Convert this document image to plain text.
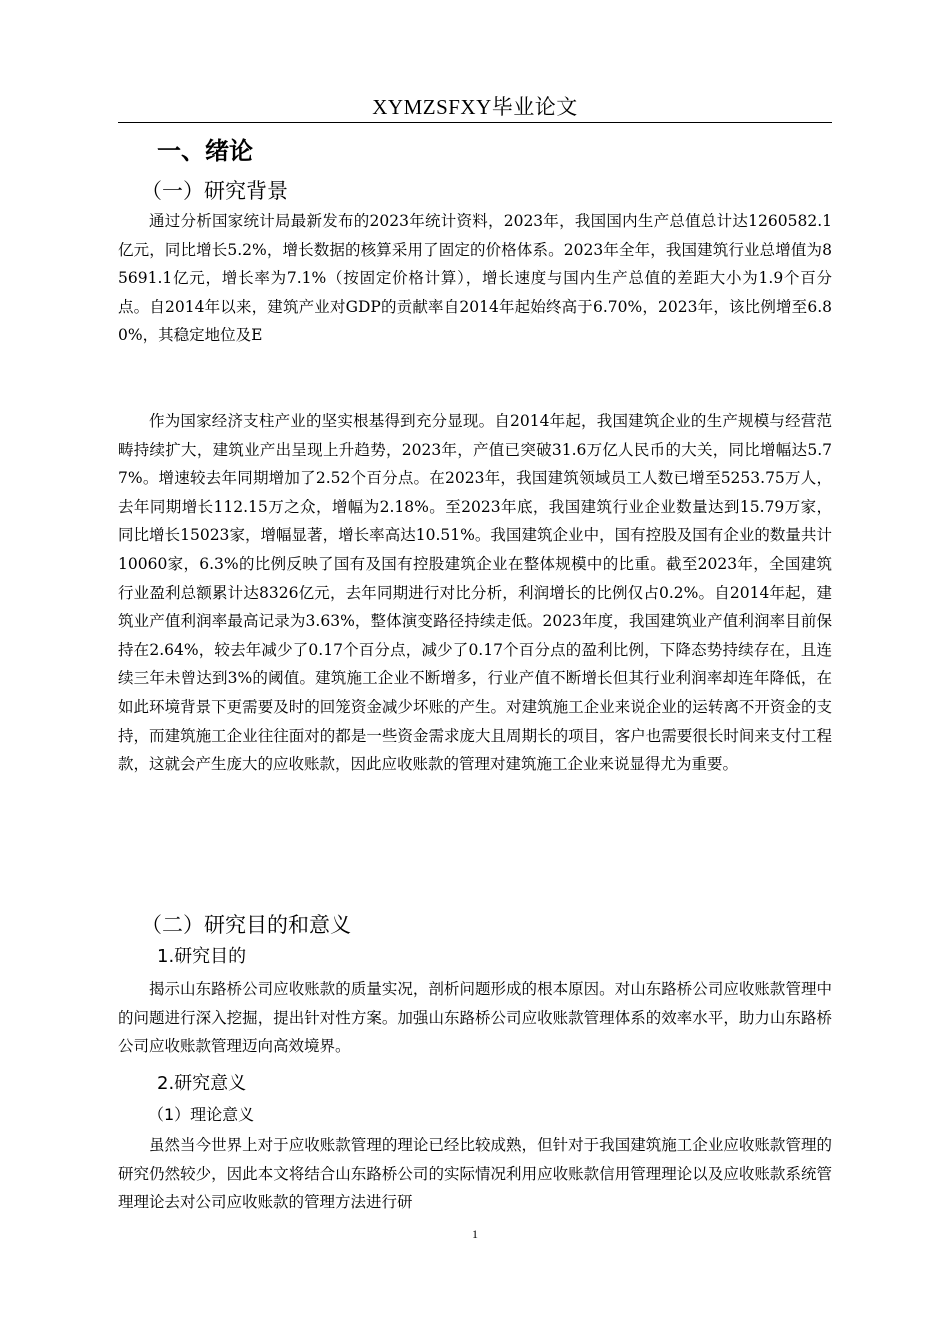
XYMZSFXY毕业论文
一、绪论
（一）研究背景

通过分析国家统计局最新发布的2023年统计资料，2023年，我国国内生产总值总计达1260582.1亿元，同比增长5.2%，增长数据的核算采用了固定的价格体系。2023年全年，我国建筑行业总增值为85691.1亿元，增长率为7.1%（按固定价格计算），增长速度与国内生产总值的差距大小为1.9个百分点。自2014年以来，建筑产业对GDP的贡献率自2014年起始终高于6.70%，2023年，该比例增至6.80%，其稳定地位及E

作为国家经济支柱产业的坚实根基得到充分显现。自2014年起，我国建筑企业的生产规模与经营范畴持续扩大，建筑业产出呈现上升趋势，2023年，产值已突破31.6万亿人民币的大关，同比增幅达5.77%。增速较去年同期增加了2.52个百分点。在2023年，我国建筑领域员工人数已增至5253.75万人，去年同期增长112.15万之众，增幅为2.18%。至2023年底，我国建筑行业企业数量达到15.79万家，同比增长15023家，增幅显著，增长率高达10.51%。我国建筑企业中，国有控股及国有企业的数量共计10060家，6.3%的比例反映了国有及国有控股建筑企业在整体规模中的比重。截至2023年，全国建筑行业盈利总额累计达8326亿元，去年同期进行对比分析，利润增长的比例仅占0.2%。自2014年起，建筑业产值利润率最高记录为3.63%，整体演变路径持续走低。2023年度，我国建筑业产值利润率目前保持在2.64%，较去年减少了0.17个百分点，减少了0.17个百分点的盈利比例，下降态势持续存在，且连续三年未曾达到3%的阈值。建筑施工企业不断增多，行业产值不断增长但其行业利润率却连年降低，在如此环境背景下更需要及时的回笼资金减少坏账的产生。对建筑施工企业来说企业的运转离不开资金的支持，而建筑施工企业往往面对的都是一些资金需求庞大且周期长的项目，客户也需要很长时间来支付工程款，这就会产生庞大的应收账款，因此应收账款的管理对建筑施工企业来说显得尤为重要。

（二）研究目的和意义
1.研究目的

揭示山东路桥公司应收账款的质量实况，剖析问题形成的根本原因。对山东路桥公司应收账款管理中的问题进行深入挖掘，提出针对性方案。加强山东路桥公司应收账款管理体系的效率水平，助力山东路桥公司应收账款管理迈向高效境界。

2.研究意义
（1）理论意义

虽然当今世界上对于应收账款管理的理论已经比较成熟，但针对于我国建筑施工企业应收账款管理的研究仍然较少，因此本文将结合山东路桥公司的实际情况利用应收账款信用管理理论以及应收账款系统管理理论去对公司应收账款的管理方法进行研

1
